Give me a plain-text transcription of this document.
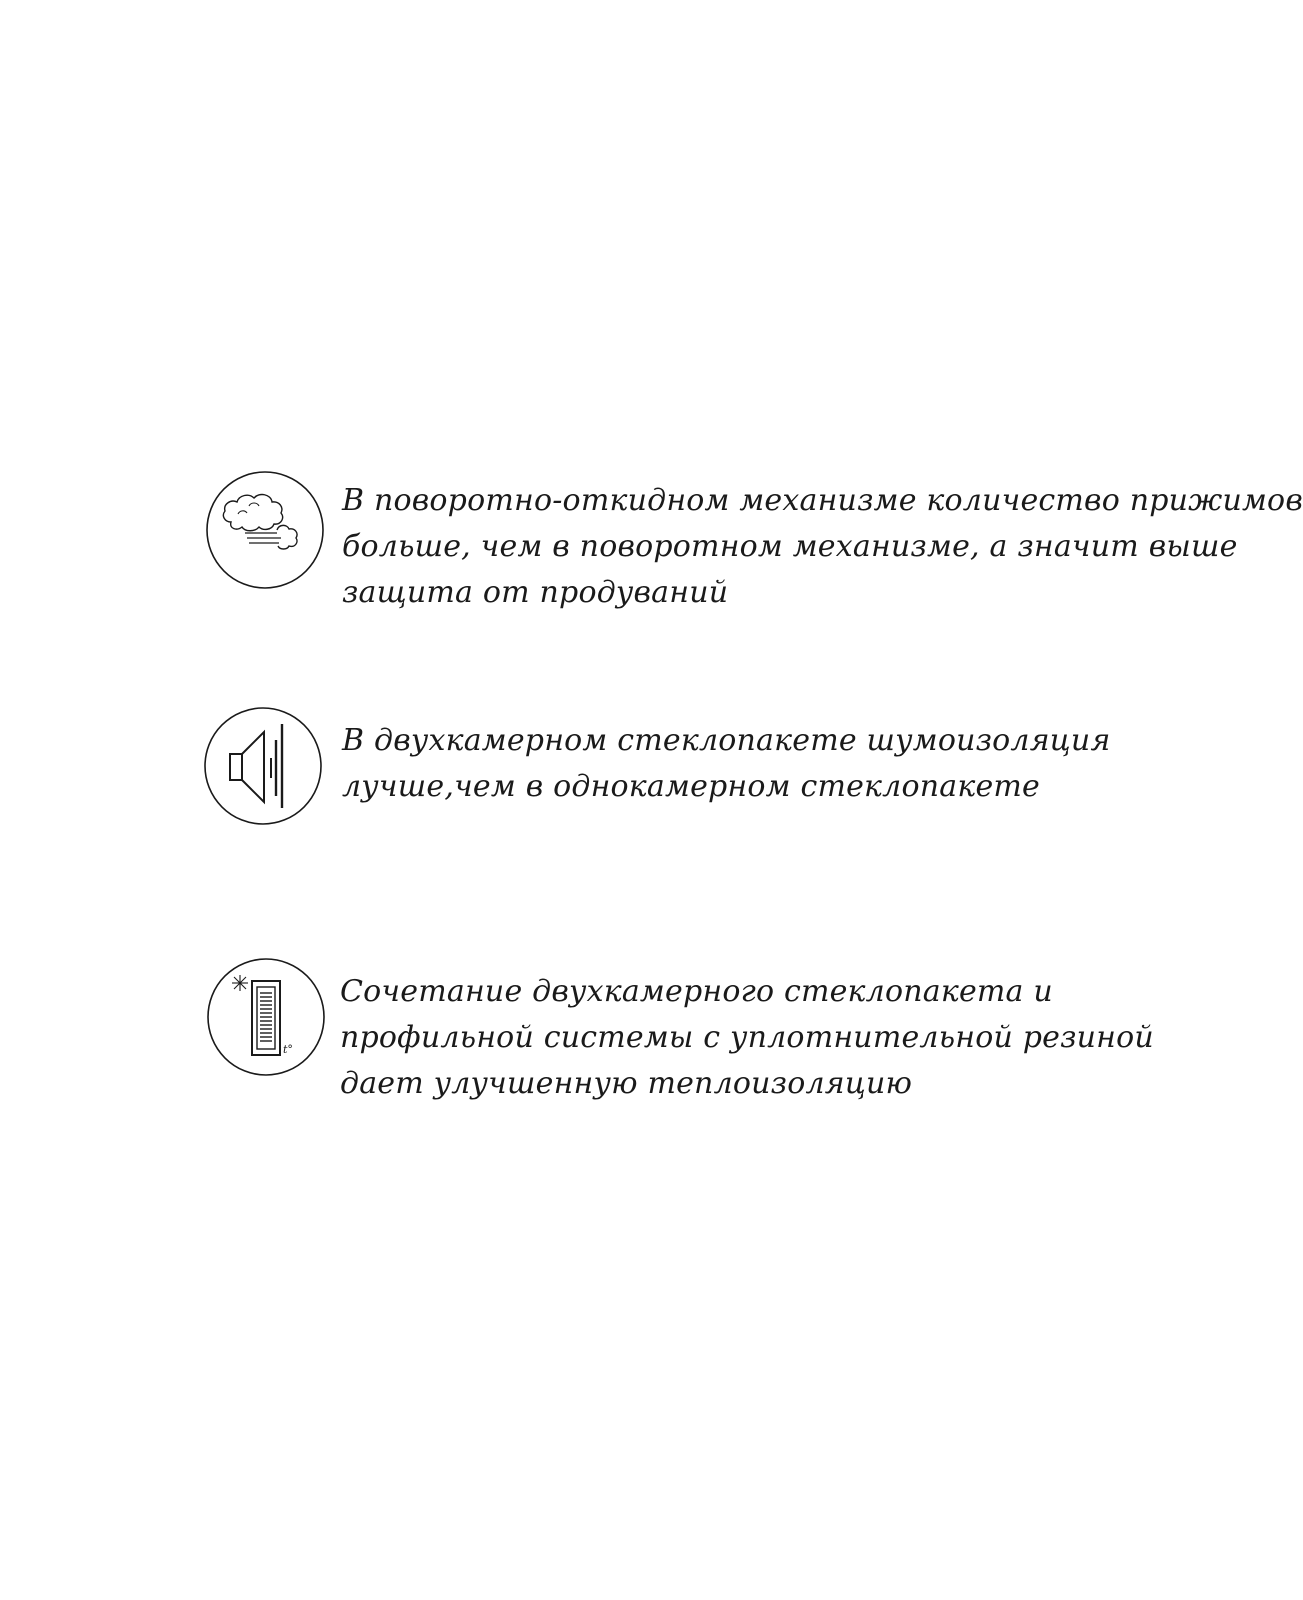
В поворотно-откидном механизме количество прижимов
больше, чем в поворотном механизме, а значит выше
защита от продуваний
В двухкамерном стеклопакете шумоизоляция
лучше,чем в однокамерном стеклопакете
t°
Сочетание двухкамерного стеклопакета и
профильной системы с уплотнительной резиной
дает улучшенную теплоизоляцию
